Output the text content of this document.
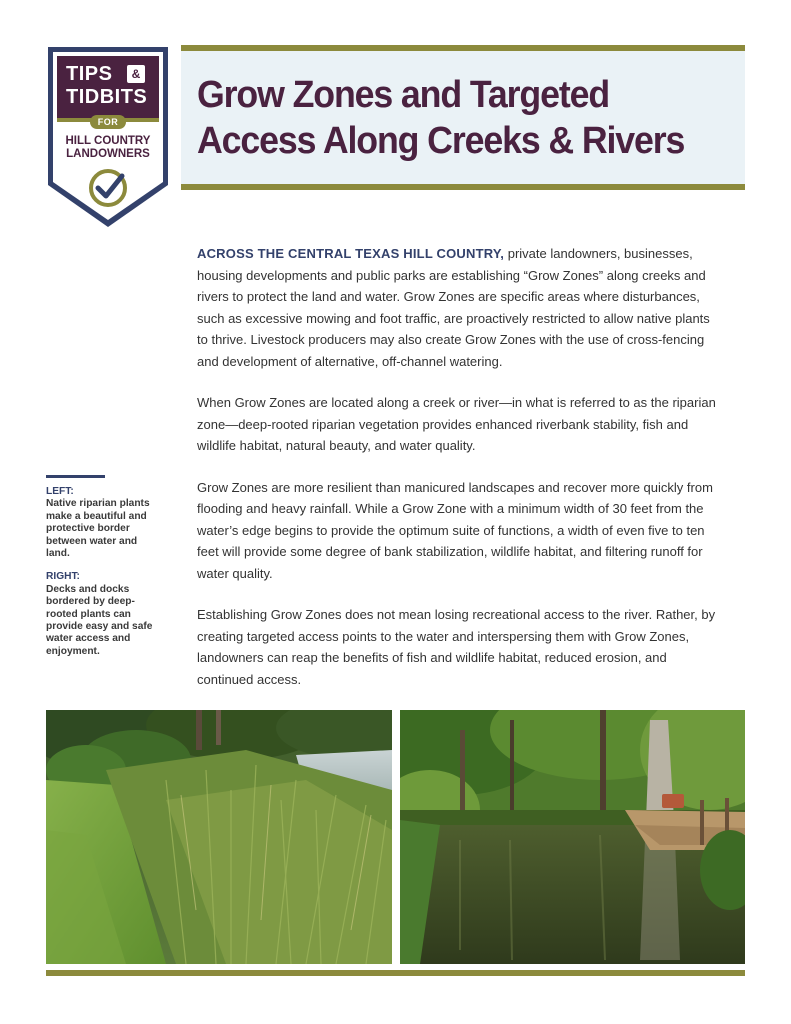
TIPS	&
TIDBITS
FOR
HILL COUNTRY
LANDOWNERS
Grow Zones and Targeted Access Along Creeks & Rivers

ACROSS THE CENTRAL TEXAS HILL COUNTRY, private landowners, businesses, housing developments and public parks are establishing “Grow Zones” along creeks and rivers to protect the land and water. Grow Zones are specific areas where disturbances, such as excessive mowing and foot traffic, are proactively restricted to allow native plants to thrive. Livestock producers may also create Grow Zones with the use of cross-fencing and development of alternative, off-channel watering.

When Grow Zones are located along a creek or river—in what is referred to as the riparian zone—deep-rooted riparian vegetation provides enhanced riverbank stability, fish and wildlife habitat, natural beauty, and water quality.

Grow Zones are more resilient than manicured landscapes and recover more quickly from flooding and heavy rainfall. While a Grow Zone with a minimum width of 30 feet from the water’s edge begins to provide the optimum suite of functions, a width of even five to ten feet will provide some degree of bank stabilization, wildlife habitat, and filtering runoff for water quality.

Establishing Grow Zones does not mean losing recreational access to the river. Rather, by creating targeted access points to the water and interspersing them with Grow Zones, landowners can reap the benefits of fish and wildlife habitat, reduced erosion, and continued access.

LEFT:
Native riparian plants make a beautiful and protective border between water and land.
RIGHT:
Decks and docks bordered by deep-rooted plants can provide easy and safe water access and enjoyment.
